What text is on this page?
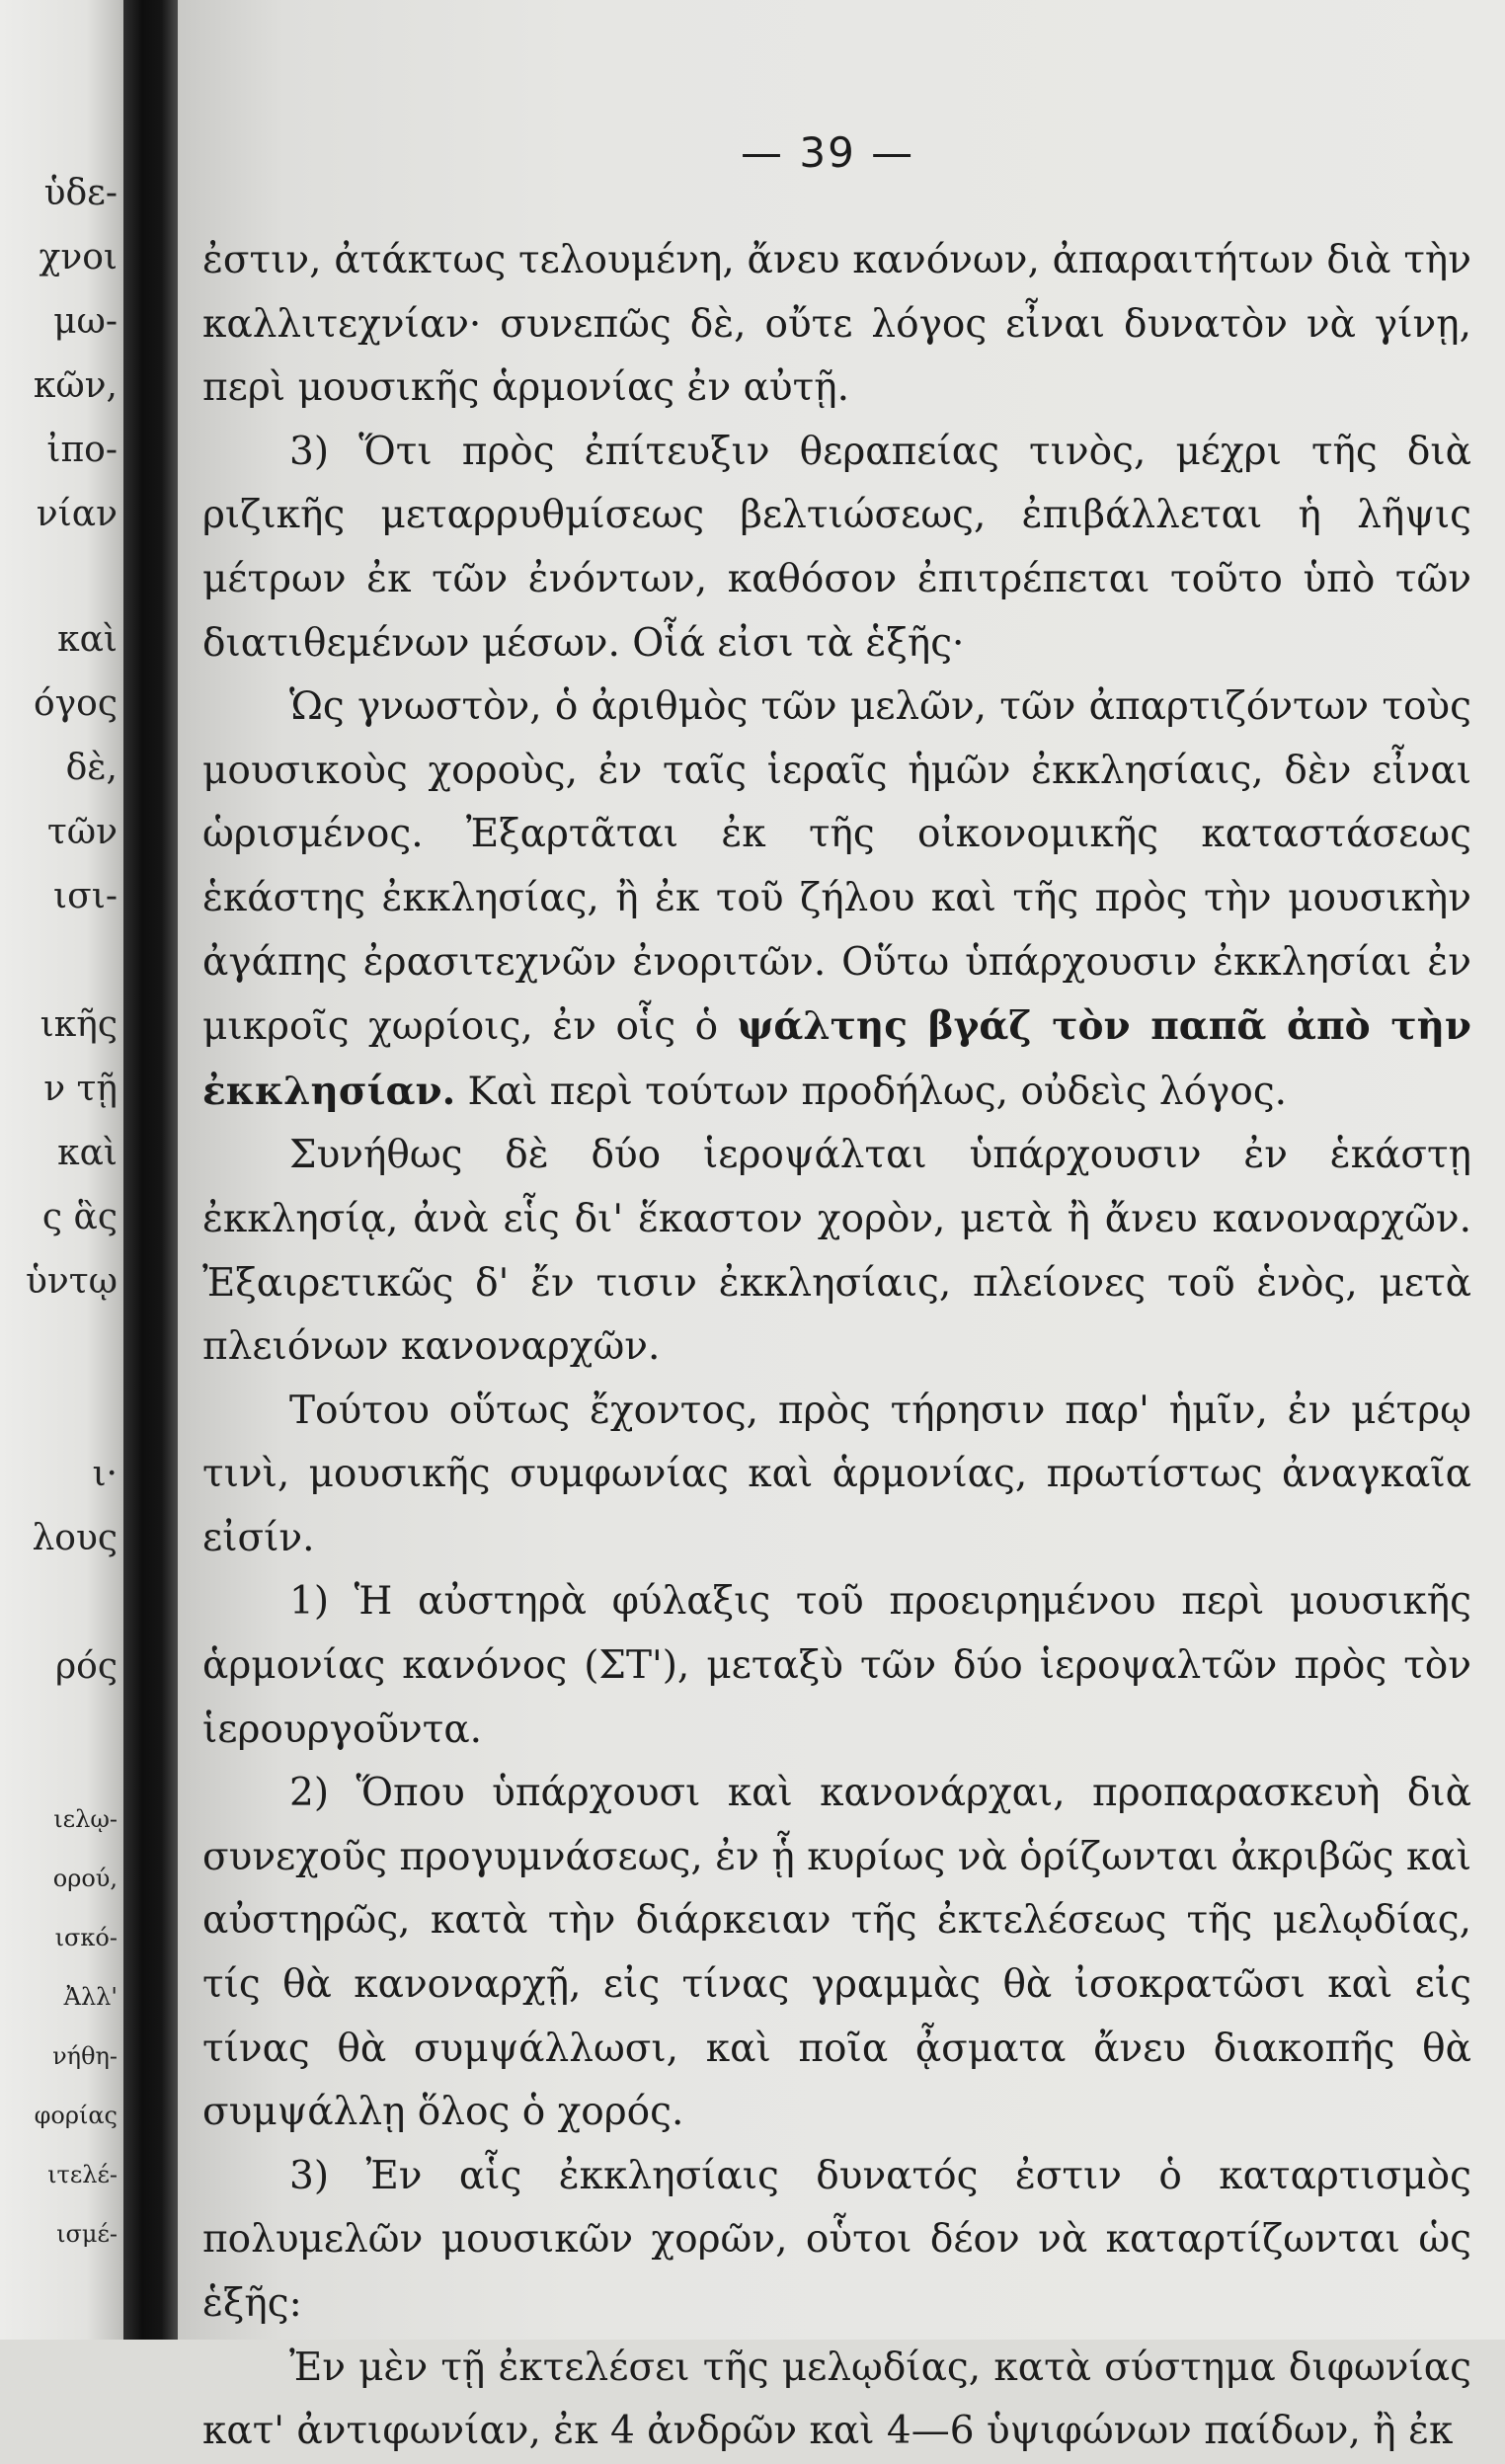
ὑδε-
χνοι
μω-
κῶν,
ἰπο-
νίαν
καὶ
όγος
δὲ,
τῶν
ισι-
ικῆς
ν τῇ
καὶ
ς ἃς
ὑντῳ
ι·
λους
ρός
ιελῳ-
ορού,
ισκό-
Ἀλλ'
νήθη-
φορίας
ιτελέ-
ισμέ-
— 39 —

ἐστιν, ἀτάκτως τελουμένη, ἄνευ κανόνων, ἀπαραιτήτων διὰ τὴν καλλιτεχνίαν· συνεπῶς δὲ, οὔτε λόγος εἶναι δυνατὸν νὰ γίνῃ, περὶ μουσικῆς ἁρμονίας ἐν αὐτῇ.

3) Ὅτι πρὸς ἐπίτευξιν θεραπείας τινὸς, μέχρι τῆς διὰ ριζικῆς μεταρρυθμίσεως βελτιώσεως, ἐπιβάλλεται ἡ λῆψις μέτρων ἐκ τῶν ἐνόντων, καθόσον ἐπιτρέπεται τοῦτο ὑπὸ τῶν διατιθεμένων μέσων. Οἷά εἰσι τὰ ἑξῆς·

Ὡς γνωστὸν, ὁ ἀριθμὸς τῶν μελῶν, τῶν ἀπαρτιζόντων τοὺς μουσικοὺς χοροὺς, ἐν ταῖς ἱεραῖς ἡμῶν ἐκκλησίαις, δὲν εἶναι ὡρισμένος. Ἐξαρτᾶται ἐκ τῆς οἰκονομικῆς καταστάσεως ἑκάστης ἐκκλησίας, ἢ ἐκ τοῦ ζήλου καὶ τῆς πρὸς τὴν μουσικὴν ἀγάπης ἐρασιτεχνῶν ἐνοριτῶν. Οὕτω ὑπάρχουσιν ἐκκλησίαι ἐν μικροῖς χωρίοις, ἐν οἷς ὁ ψάλτης βγάζ τὸν παπᾶ ἀπὸ τὴν ἐκκλησίαν. Καὶ περὶ τούτων προδήλως, οὐδεὶς λόγος.

Συνήθως δὲ δύο ἱεροψάλται ὑπάρχουσιν ἐν ἑκάστῃ ἐκκλησίᾳ, ἀνὰ εἷς δι' ἕκαστον χορὸν, μετὰ ἢ ἄνευ κανοναρχῶν. Ἐξαιρετικῶς δ' ἔν τισιν ἐκκλησίαις, πλείονες τοῦ ἑνὸς, μετὰ πλειόνων κανοναρχῶν.

Τούτου οὕτως ἔχοντος, πρὸς τήρησιν παρ' ἡμῖν, ἐν μέτρῳ τινὶ, μουσικῆς συμφωνίας καὶ ἁρμονίας, πρωτίστως ἀναγκαῖα εἰσίν.

1) Ἡ αὐστηρὰ φύλαξις τοῦ προειρημένου περὶ μουσικῆς ἁρμονίας κανόνος (ΣΤ'), μεταξὺ τῶν δύο ἱεροψαλτῶν πρὸς τὸν ἱερουργοῦντα.

2) Ὅπου ὑπάρχουσι καὶ κανονάρχαι, προπαρασκευὴ διὰ συνεχοῦς προγυμνάσεως, ἐν ᾗ κυρίως νὰ ὁρίζωνται ἀκριβῶς καὶ αὐστηρῶς, κατὰ τὴν διάρκειαν τῆς ἐκτελέσεως τῆς μελῳδίας, τίς θὰ κανοναρχῇ, εἰς τίνας γραμμὰς θὰ ἰσοκρατῶσι καὶ εἰς τίνας θὰ συμψάλλωσι, καὶ ποῖα ᾆσματα ἄνευ διακοπῆς θὰ συμψάλλῃ ὅλος ὁ χορός.

3) Ἐν αἷς ἐκκλησίαις δυνατός ἐστιν ὁ καταρτισμὸς πολυμελῶν μουσικῶν χορῶν, οὗτοι δέον νὰ καταρτίζωνται ὡς ἑξῆς:

Ἐν μὲν τῇ ἐκτελέσει τῆς μελῳδίας, κατὰ σύστημα διφωνίας κατ' ἀντιφωνίαν, ἐκ 4 ἀνδρῶν καὶ 4—6 ὑψιφώνων παίδων, ἢ ἐκ
